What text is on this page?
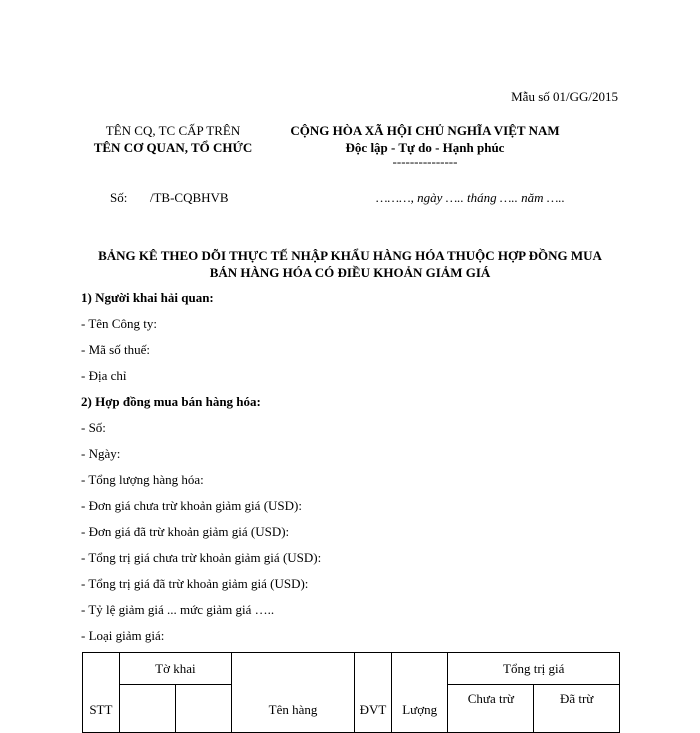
Mẫu số 01/GG/2015
TÊN CQ, TC CẤP TRÊN
TÊN CƠ QUAN, TỔ CHỨC
CỘNG HÒA XÃ HỘI CHỦ NGHĨA VIỆT NAM
Độc lập - Tự do - Hạnh phúc
---------------
Số: /TB-CQBHVB	………, ngày ….. tháng ….. năm …..
BẢNG KÊ THEO DÕI THỰC TẾ NHẬP KHẨU HÀNG HÓA THUỘC HỢP ĐỒNG MUA
BÁN HÀNG HÓA CÓ ĐIỀU KHOẢN GIẢM GIÁ
1) Người khai hải quan:
- Tên Công ty:
- Mã số thuế:
- Địa chỉ
2) Hợp đồng mua bán hàng hóa:
- Số:
- Ngày:
- Tổng lượng hàng hóa:
- Đơn giá chưa trừ khoản giảm giá (USD):
- Đơn giá đã trừ khoản giảm giá (USD):
- Tổng trị giá chưa trừ khoản giảm giá (USD):
- Tổng trị giá đã trừ khoản giảm giá (USD):
- Tỷ lệ giảm giá ... mức giảm giá …..
- Loại giảm giá:
STT	Tờ khai		Tên hàng	ĐVT	Lượng	Tổng trị giá	
						Chưa trừ	Đã trừ
